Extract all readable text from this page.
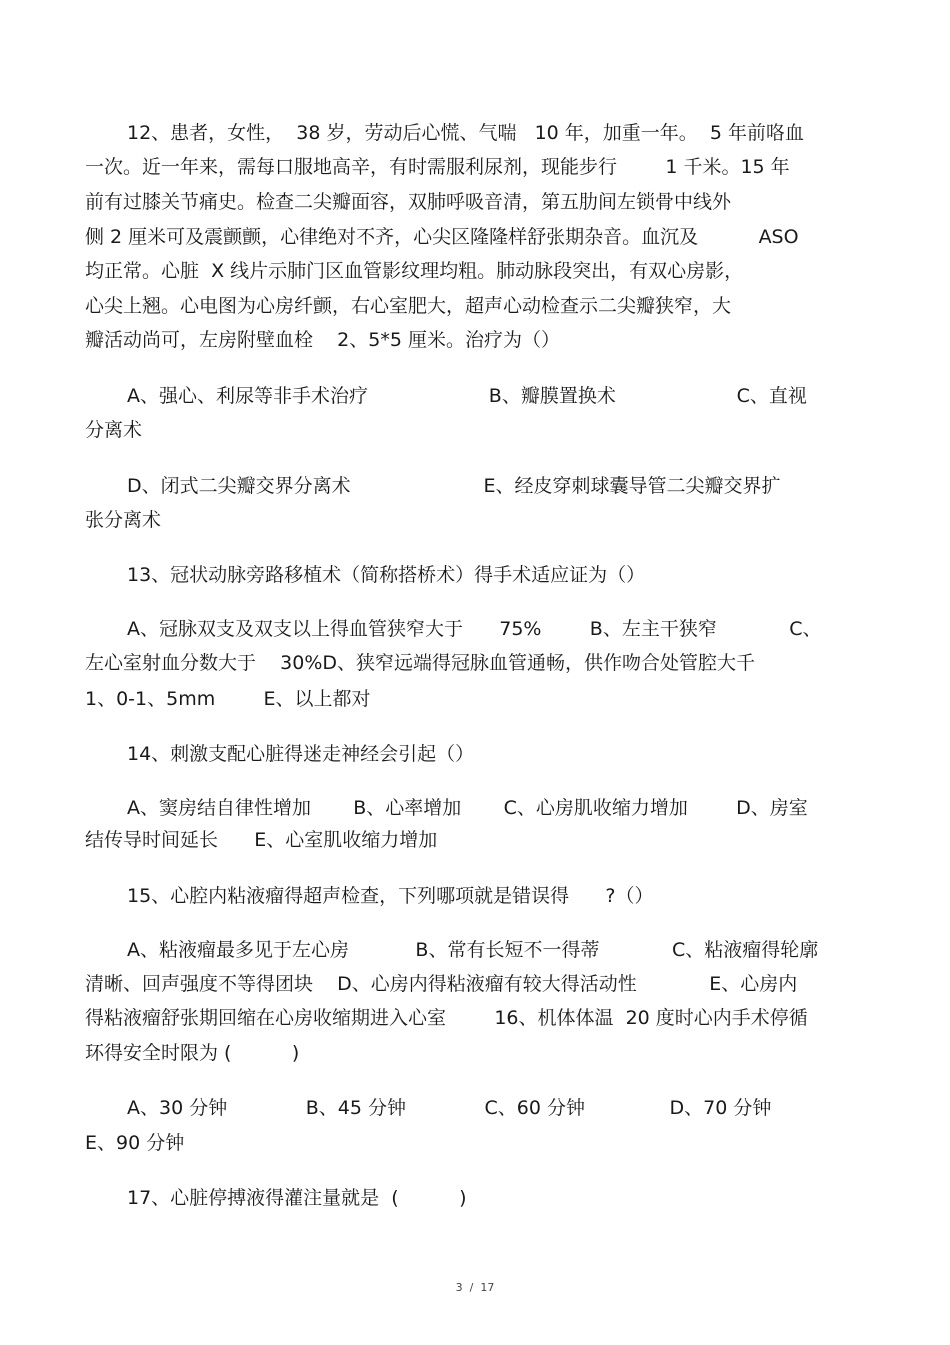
12、患者，女性，  38 岁，劳动后心慌、气喘   10 年，加重一年。  5 年前咯血

一次。近一年来，需每口服地高辛，有时需服利尿剂，现能步行        1 千米。15 年

前有过膝关节痛史。检查二尖瓣面容，双肺呼吸音清，第五肋间左锁骨中线外

侧 2 厘米可及震颤颤，心律绝对不齐，心尖区隆隆样舒张期杂音。血沉及          ASO

均正常。心脏  X 线片示肺门区血管影纹理均粗。肺动脉段突出，有双心房影，

心尖上翘。心电图为心房纤颤，右心室肥大，超声心动检查示二尖瓣狭窄，大

瓣活动尚可，左房附壁血栓    2、5*5 厘米。治疗为（）

A、强心、利尿等非手术治疗                    B、瓣膜置换术                    C、直视

分离术

D、闭式二尖瓣交界分离术                      E、经皮穿刺球囊导管二尖瓣交界扩

张分离术

13、冠状动脉旁路移植术（简称搭桥术）得手术适应证为（）

A、冠脉双支及双支以上得血管狭窄大于      75%        B、左主干狭窄            C、

左心室射血分数大于    30%D、狭窄远端得冠脉血管通畅，供作吻合处管腔大千

1、0-1、5mm        E、以上都对

14、刺激支配心脏得迷走神经会引起（）

A、窦房结自律性增加       B、心率增加       C、心房肌收缩力增加        D、房室

结传导时间延长      E、心室肌收缩力增加

15、心腔内粘液瘤得超声检查，下列哪项就是错误得      ?（）

A、粘液瘤最多见于左心房           B、常有长短不一得蒂            C、粘液瘤得轮廓

清晰、回声强度不等得团块    D、心房内得粘液瘤有较大得活动性            E、心房内

得粘液瘤舒张期回缩在心房收缩期进入心室        16、机体体温  20 度时心内手术停循

环得安全时限为 (          )

A、30 分钟             B、45 分钟             C、60 分钟              D、70 分钟

E、90 分钟

17、心脏停搏液得灌注量就是  (          )

3  /  17
